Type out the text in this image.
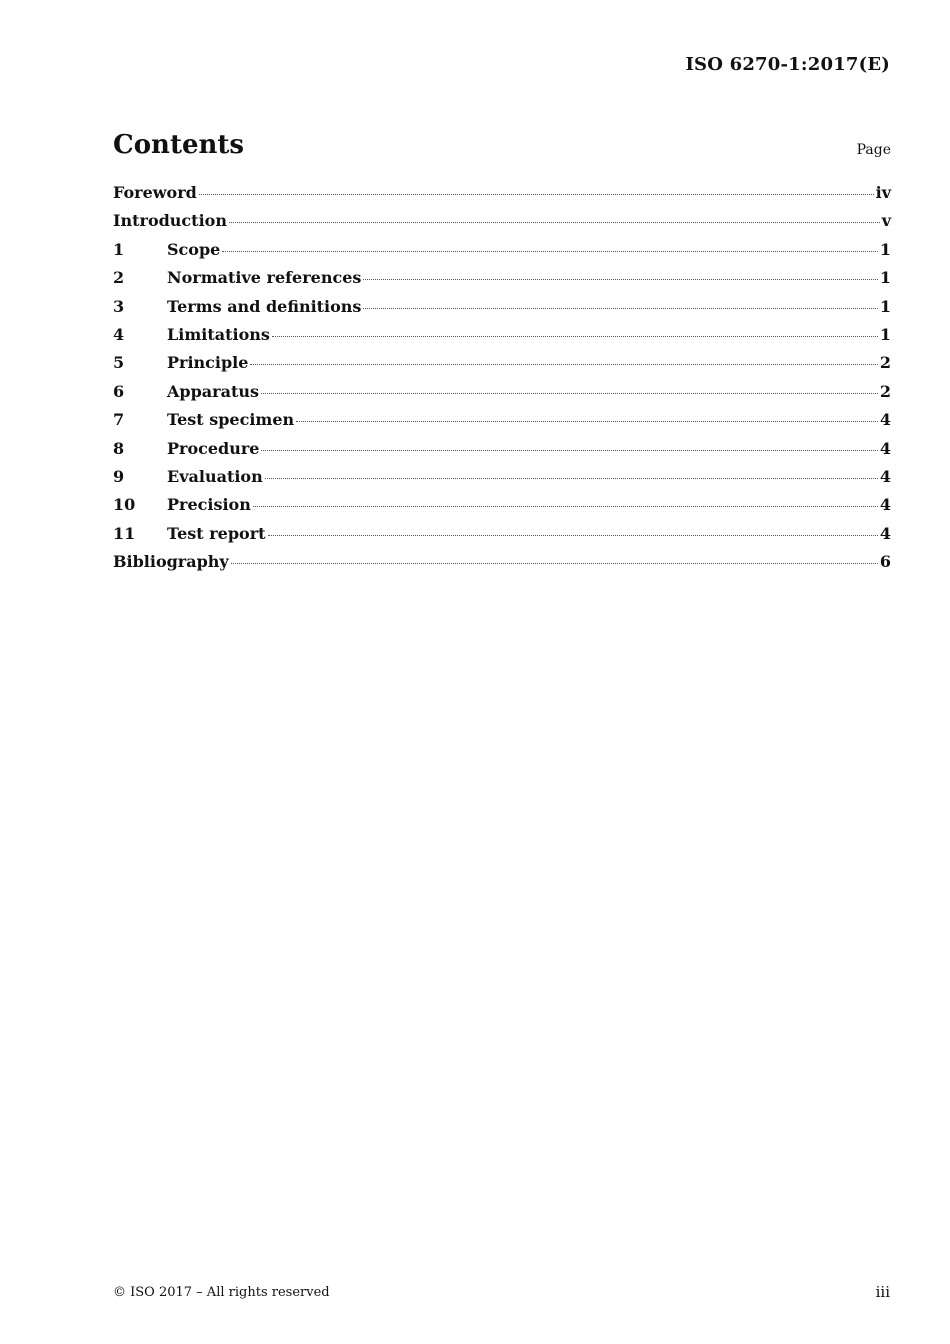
ISO 6270-1:2017(E)
Contents	Page
Foreword	iv
Introduction	v
1	Scope	1
2	Normative references	1
3	Terms and definitions	1
4	Limitations	1
5	Principle	2
6	Apparatus	2
7	Test specimen	4
8	Procedure	4
9	Evaluation	4
10	Precision	4
11	Test report	4
Bibliography	6
© ISO 2017 – All rights reserved	iii
